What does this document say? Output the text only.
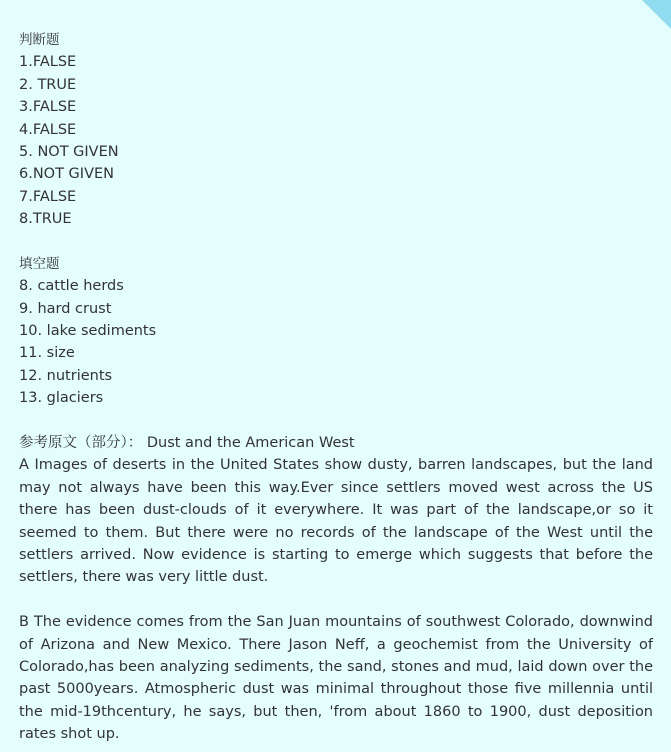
判断题
1.FALSE
2. TRUE
3.FALSE
4.FALSE
5. NOT GIVEN
6.NOT GIVEN
7.FALSE
8.TRUE
填空题
8. cattle herds
9. hard crust
10. lake sediments
11. size
12. nutrients
13. glaciers
参考原文（部分）： Dust and the American West

A Images of deserts in the United States show dusty, barren landscapes, but the land may not always have been this way.Ever since settlers moved west across the US there has been dust-clouds of it everywhere. It was part of the landscape,or so it seemed to them. But there were no records of the landscape of the West until the settlers arrived. Now evidence is starting to emerge which suggests that before the settlers, there was very little dust.

B The evidence comes from the San Juan mountains of southwest Colorado, downwind of Arizona and New Mexico. There Jason Neff, a geochemist from the University of Colorado,has been analyzing sediments, the sand, stones and mud, laid down over the past 5000years. Atmospheric dust was minimal throughout those five millennia until the mid-19thcentury, he says, but then, 'from about 1860 to 1900, dust deposition rates shot up.
